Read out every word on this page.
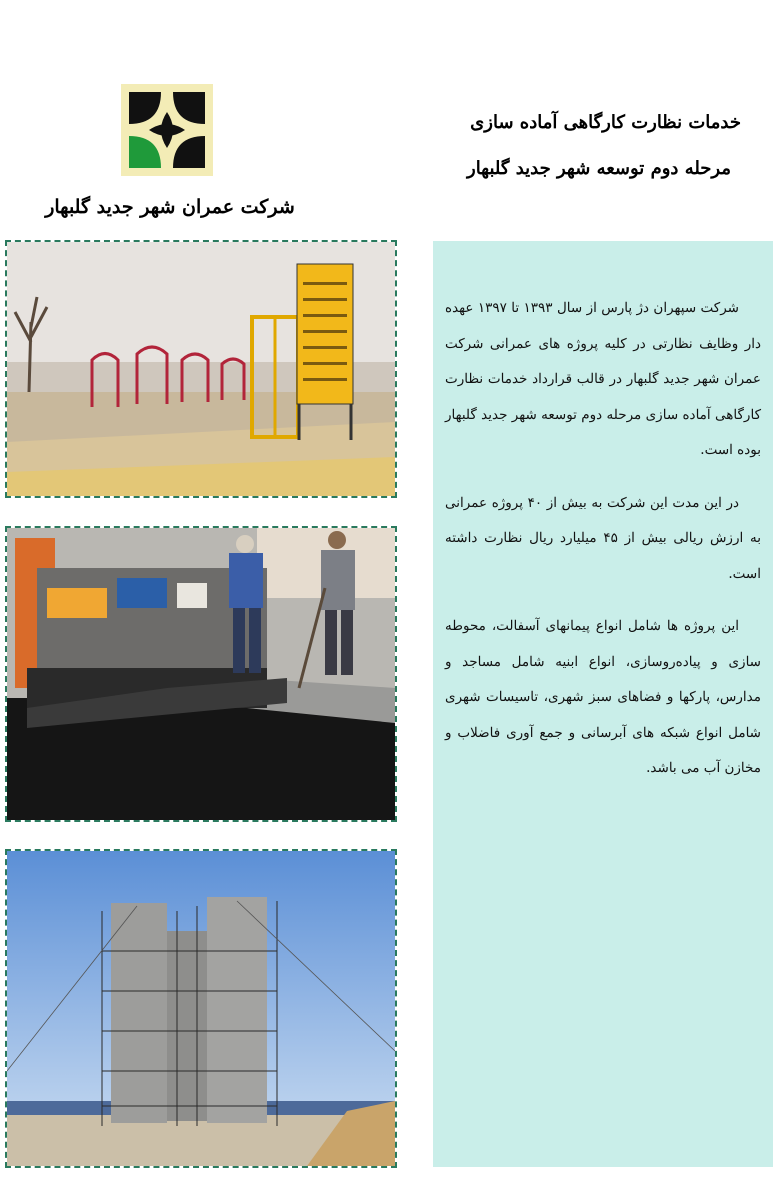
شرکت عمران شهر جدید گلبهار
خدمات نظارت کارگاهی آماده سازی
مرحله دوم توسعه شهر جدید گلبهار

شرکت سپهران دژ پارس از سال ۱۳۹۳ تا ۱۳۹۷ عهده دار وظایف نظارتی در کلیه پروژه های عمرانی شرکت عمران شهر جدید گلبهار در قالب قرارداد خدمات نظارت کارگاهی آماده سازی مرحله دوم توسعه شهر جدید گلبهار بوده است.

در این مدت این شرکت به بیش از ۴۰ پروژه عمرانی به ارزش ریالی بیش از ۴۵ میلیارد ریال نظارت داشته است.

این پروژه ها شامل انواع پیمانهای آسفالت، محوطه سازی و پیاده‌روسازی، انواع ابنیه شامل مساجد و مدارس، پارکها و فضاهای سبز شهری، تاسیسات شهری شامل انواع شبکه های آبرسانی و جمع آوری فاضلاب و مخازن آب می باشد.
